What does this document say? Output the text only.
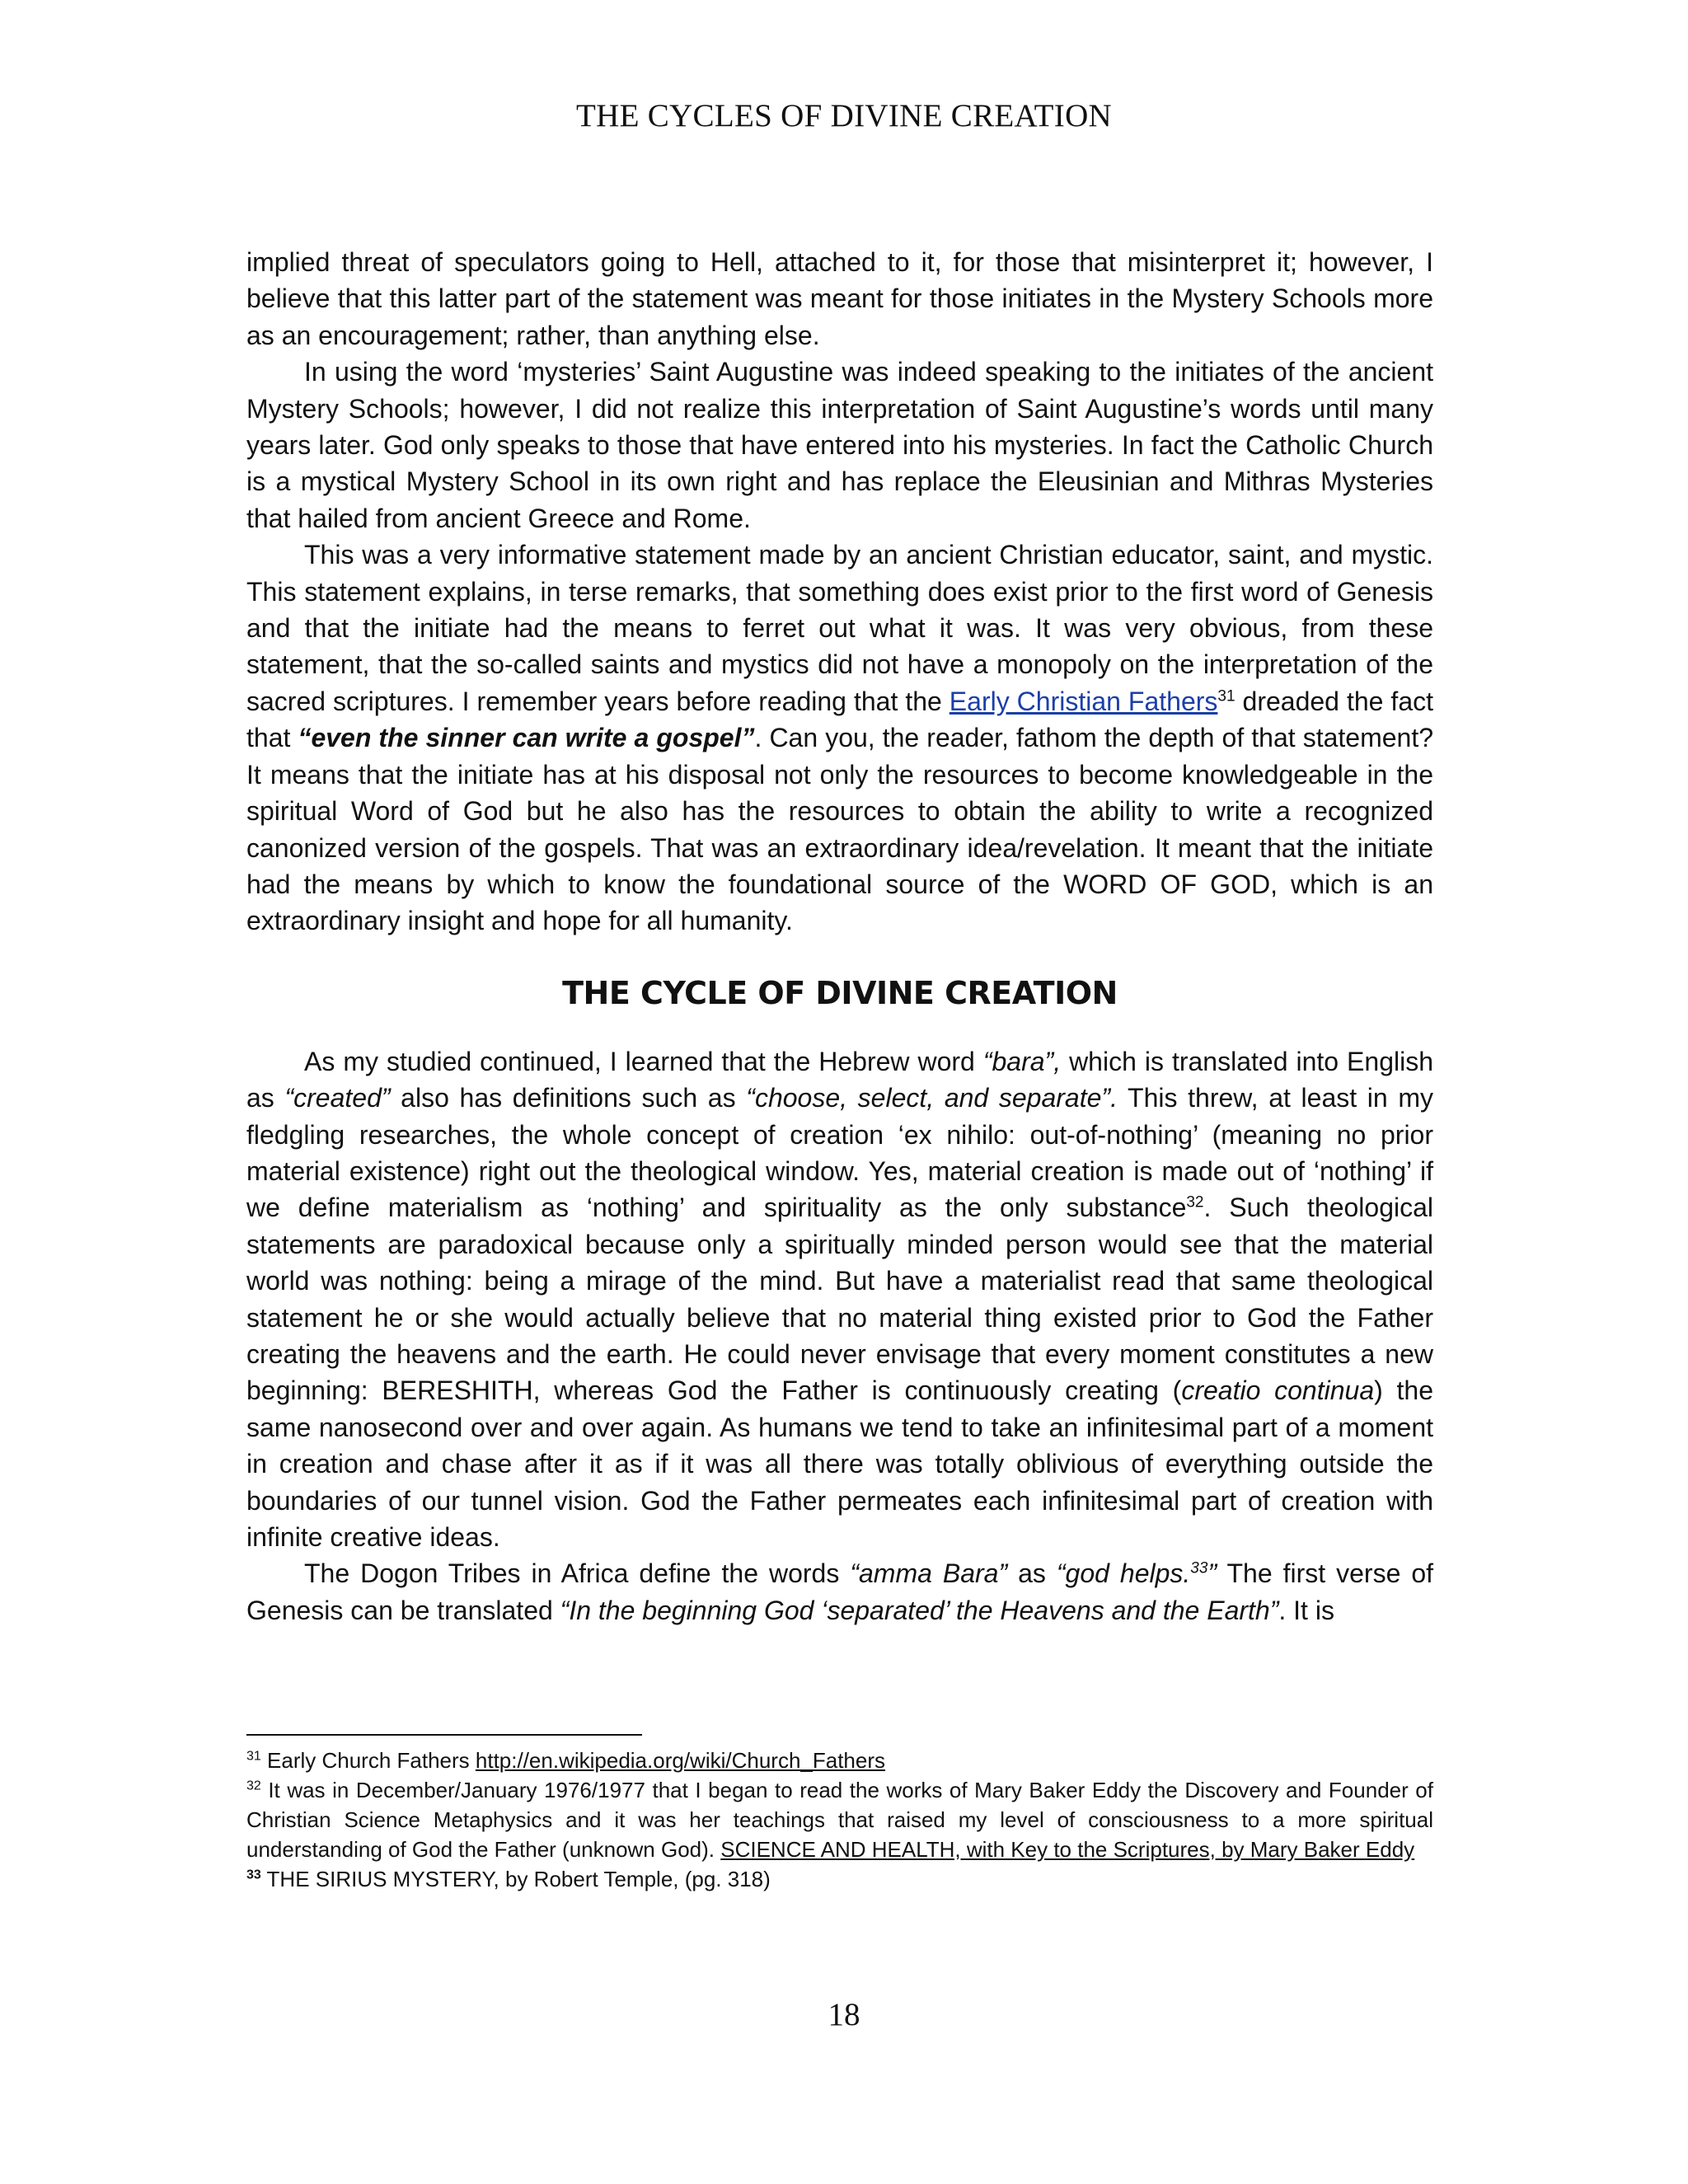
THE CYCLES OF DIVINE CREATION

implied threat of speculators going to Hell, attached to it, for those that misinterpret it; however, I believe that this latter part of the statement was meant for those initiates in the Mystery Schools more as an encouragement; rather, than anything else.

In using the word ‘mysteries’ Saint Augustine was indeed speaking to the initiates of the ancient Mystery Schools; however, I did not realize this interpretation of Saint Augustine’s words until many years later. God only speaks to those that have entered into his mysteries. In fact the Catholic Church is a mystical Mystery School in its own right and has replace the Eleusinian and Mithras Mysteries that hailed from ancient Greece and Rome.

This was a very informative statement made by an ancient Christian educator, saint, and mystic. This statement explains, in terse remarks, that something does exist prior to the first word of Genesis and that the initiate had the means to ferret out what it was. It was very obvious, from these statement, that the so-called saints and mystics did not have a monopoly on the interpretation of the sacred scriptures. I remember years before reading that the Early Christian Fathers$^{31}$ dreaded the fact that “even the sinner can write a gospel”. Can you, the reader, fathom the depth of that statement? It means that the initiate has at his disposal not only the resources to become knowledgeable in the spiritual Word of God but he also has the resources to obtain the ability to write a recognized canonized version of the gospels. That was an extraordinary idea/revelation. It meant that the initiate had the means by which to know the foundational source of the WORD OF GOD, which is an extraordinary insight and hope for all humanity.

THE CYCLE OF DIVINE CREATION

As my studied continued, I learned that the Hebrew word “bara”, which is translated into English as “created” also has definitions such as “choose, select, and separate”. This threw, at least in my fledgling researches, the whole concept of creation ‘ex nihilo: out-of-nothing’ (meaning no prior material existence) right out the theological window. Yes, material creation is made out of ‘nothing’ if we define materialism as ‘nothing’ and spirituality as the only substance$^{32}$. Such theological statements are paradoxical because only a spiritually minded person would see that the material world was nothing: being a mirage of the mind. But have a materialist read that same theological statement he or she would actually believe that no material thing existed prior to God the Father creating the heavens and the earth. He could never envisage that every moment constitutes a new beginning: BERESHITH, whereas God the Father is continuously creating (creatio continua) the same nanosecond over and over again. As humans we tend to take an infinitesimal part of a moment in creation and chase after it as if it was all there was totally oblivious of everything outside the boundaries of our tunnel vision. God the Father permeates each infinitesimal part of creation with infinite creative ideas.

The Dogon Tribes in Africa define the words “amma Bara” as “god helps.$^{33}$” The first verse of Genesis can be translated “In the beginning God ‘separated’ the Heavens and the Earth”. It is

$^{31}$ Early Church Fathers http://en.wikipedia.org/wiki/Church_Fathers

$^{32}$ It was in December/January 1976/1977 that I began to read the works of Mary Baker Eddy the Discovery and Founder of Christian Science Metaphysics and it was her teachings that raised my level of consciousness to a more spiritual understanding of God the Father (unknown God). SCIENCE AND HEALTH, with Key to the Scriptures, by Mary Baker Eddy

$^{33}$ THE SIRIUS MYSTERY, by Robert Temple, (pg. 318)

18
